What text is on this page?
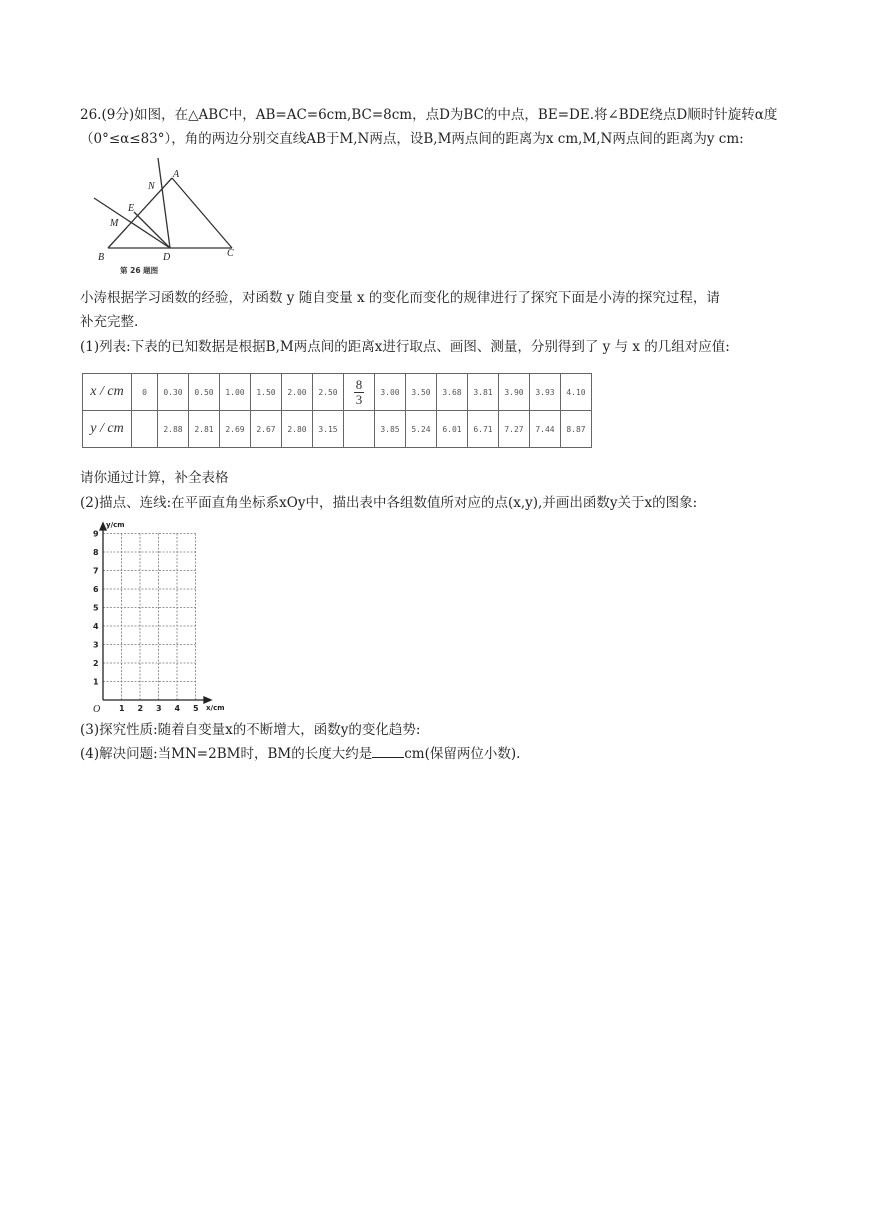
26.(9分)如图，在△ABC中，AB=AC=6cm,BC=8cm，点D为BC的中点，BE=DE.将∠BDE绕点D顺时针旋转α度
（0°≤α≤83°），角的两边分别交直线AB于M,N两点，设B,M两点间的距离为x cm,M,N两点间的距离为y cm:
A
B	C
D
E
M
N
第 26 题图
小涛根据学习函数的经验，对函数 y 随自变量 x 的变化而变化的规律进行了探究下面是小涛的探究过程，请
补充完整.
(1)列表:下表的已知数据是根据B,M两点间的距离x进行取点、画图、测量，分别得到了 y 与 x 的几组对应值:
x / cm	0	0.30	0.50	1.00	1.50	2.00	2.50	$\frac{8}{3}$	3.00	3.50	3.68	3.81	3.90	3.93	4.10
y / cm		2.88	2.81	2.69	2.67	2.80	3.15		3.85	5.24	6.01	6.71	7.27	7.44	8.87
请你通过计算，补全表格
(2)描点、连线:在平面直角坐标系xOy中，描出表中各组数值所对应的点(x,y),并画出函数y关于x的图象:
1
2
3
4
5
6
7
8
9
1 2 3 4 5
y/cm
x/cm
O
(3)探究性质:随着自变量x的不断增大，函数y的变化趋势:
(4)解决问题:当MN=2BM时，BM的长度大约是 cm(保留两位小数).
